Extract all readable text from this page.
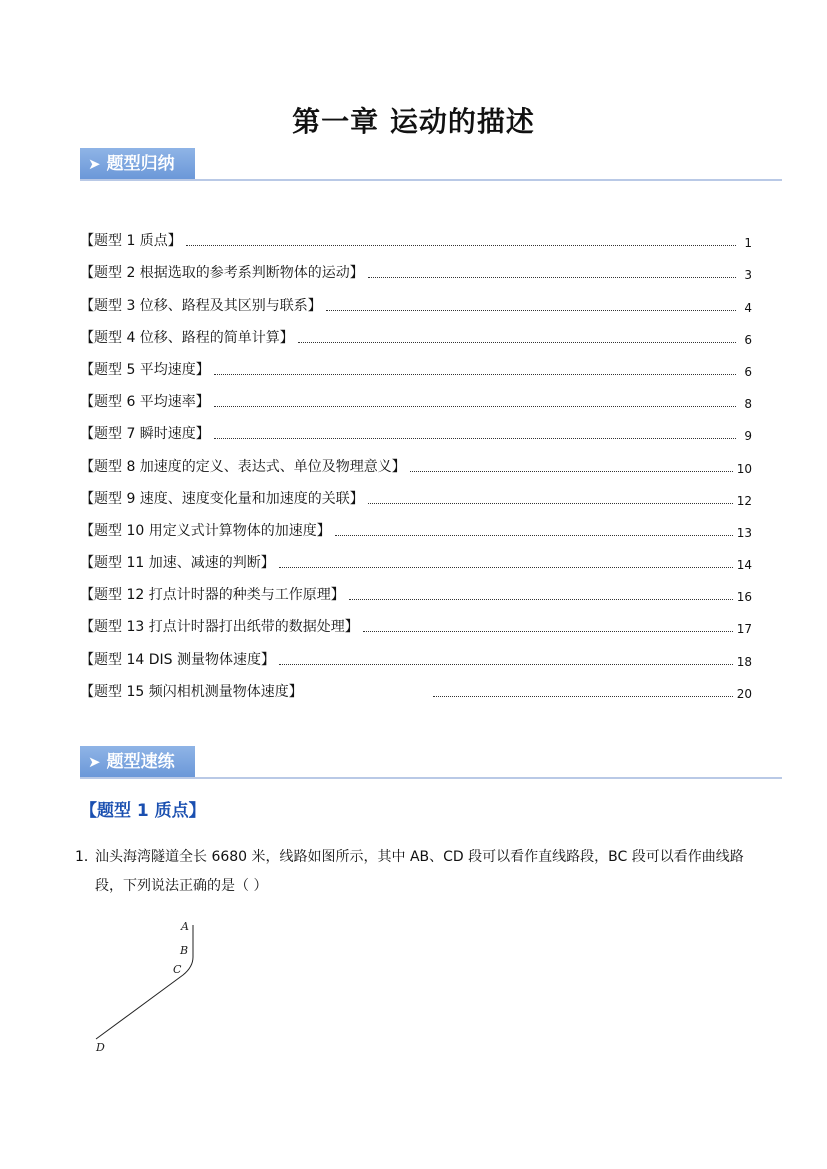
第一章 运动的描述
➤ 题型归纳
【题型 1 质点】	1
【题型 2 根据选取的参考系判断物体的运动】	3
【题型 3 位移、路程及其区别与联系】	4
【题型 4 位移、路程的简单计算】	6
【题型 5 平均速度】	6
【题型 6 平均速率】	8
【题型 7 瞬时速度】	9
【题型 8 加速度的定义、表达式、单位及物理意义】	10
【题型 9 速度、速度变化量和加速度的关联】	12
【题型 10 用定义式计算物体的加速度】	13
【题型 11 加速、减速的判断】	14
【题型 12 打点计时器的种类与工作原理】	16
【题型 13 打点计时器打出纸带的数据处理】	17
【题型 14 DIS 测量物体速度】	18
【题型 15 频闪相机测量物体速度】	20
➤ 题型速练
【题型 1 质点】
1．汕头海湾隧道全长 6680 米，线路如图所示，其中 AB、CD 段可以看作直线路段，BC 段可以看作曲线路
段，下列说法正确的是（ ）
A
B
C
D
